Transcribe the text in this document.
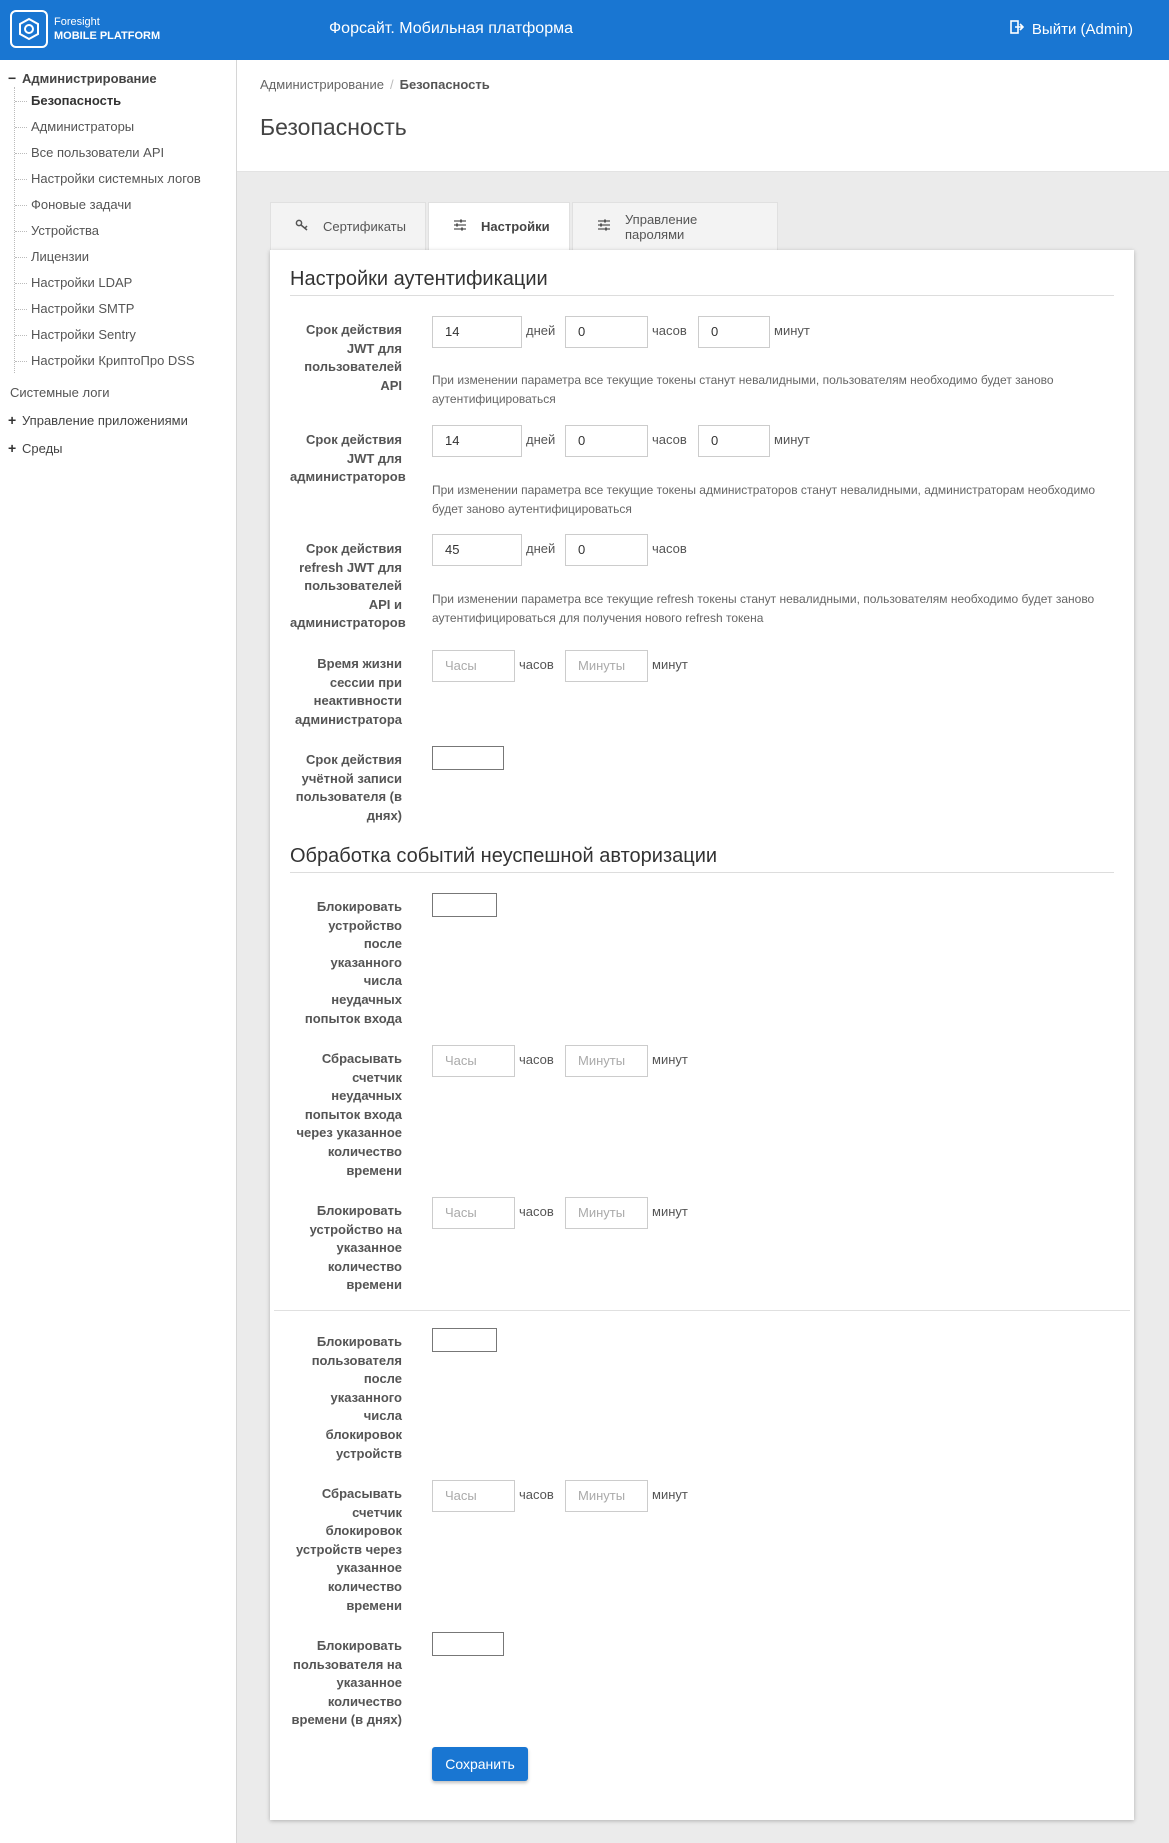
Foresight
MOBILE PLATFORM	Форсайт. Мобильная платформа	Выйти (Admin)
− Администрирование
Безопасность
Администраторы
Все пользователи API
Настройки системных логов
Фоновые задачи
Устройства
Лицензии
Настройки LDAP
Настройки SMTP
Настройки Sentry
Настройки КриптоПро DSS
Системные логи
+ Управление приложениями
+ Среды
Администрирование / Безопасность
Безопасность
Сертификаты	Настройки	Управление паролями
Настройки аутентификации
Срок действия JWT для пользователей API
14	дней	0	часов	0	минут
При изменении параметра все текущие токены станут невалидными, пользователям необходимо будет заново аутентифицироваться
Срок действия JWT для администраторов
14	дней	0	часов	0	минут
При изменении параметра все текущие токены администраторов станут невалидными, администраторам необходимо будет заново аутентифицироваться
Срок действия refresh JWT для пользователей API и администраторов
45	дней	0	часов
При изменении параметра все текущие refresh токены станут невалидными, пользователям необходимо будет заново аутентифицироваться для получения нового refresh токена
Время жизни сессии при неактивности администратора
Часы	часов	Минуты	минут
Срок действия учётной записи пользователя (в днях)
Обработка событий неуспешной авторизации
Блокировать устройство после указанного числа неудачных попыток входа
Сбрасывать счетчик неудачных попыток входа через указанное количество времени
Часы	часов	Минуты	минут
Блокировать устройство на указанное количество времени
Часы	часов	Минуты	минут
Блокировать пользователя после указанного числа блокировок устройств
Сбрасывать счетчик блокировок устройств через указанное количество времени
Часы	часов	Минуты	минут
Блокировать пользователя на указанное количество времени (в днях)
Сохранить
